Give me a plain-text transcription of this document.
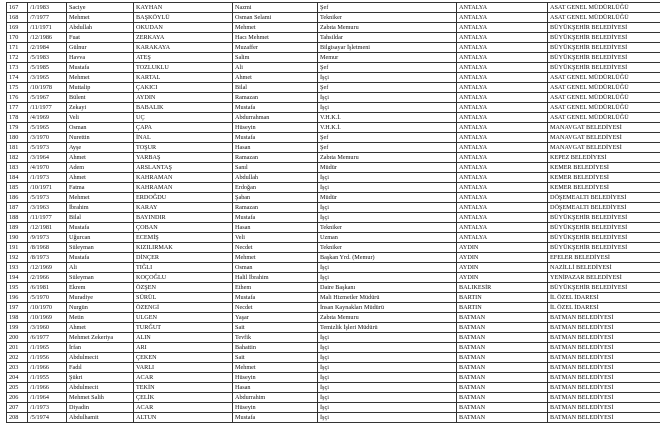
167	/1/1983	Saciye	KAYHAN	Nazmi	Şef	ANTALYA	ASAT GENEL MÜDÜRLÜĞÜ
168	/7/1977	Mehmet	BAŞKÖYLÜ	Osman Selami	Tekniker	ANTALYA	ASAT GENEL MÜDÜRLÜĞÜ
169	/11/1971	Abdullah	OKUDAN	Mehmet	Zabıta Memuru	ANTALYA	BÜYÜKŞEHİR BELEDİYESİ
170	/12/1986	Fuat	ZERKAYA	Hacı Mehmet	Tahsildar	ANTALYA	BÜYÜKŞEHİR BELEDİYESİ
171	/2/1984	Gülnur	KARAKAYA	Muzaffer	Bilgisayar İşletmeni	ANTALYA	BÜYÜKŞEHİR BELEDİYESİ
172	/5/1983	Havva	ATEŞ	Salim	Memur	ANTALYA	BÜYÜKŞEHİR BELEDİYESİ
173	/5/1985	Mustafa	TOZLUKLU	Ali	Şef	ANTALYA	BÜYÜKŞEHİR BELEDİYESİ
174	/3/1965	Mehmet	KARTAL	Ahmet	İşçi	ANTALYA	ASAT GENEL MÜDÜRLÜĞÜ
175	/10/1978	Muttalip	ÇAKICI	Bilal	Şef	ANTALYA	ASAT GENEL MÜDÜRLÜĞÜ
176	/5/1967	Bülent	AYDIN	Ramazan	İşçi	ANTALYA	ASAT GENEL MÜDÜRLÜĞÜ
177	/11/1977	Zekayi	BABALIK	Mustafa	İşçi	ANTALYA	ASAT GENEL MÜDÜRLÜĞÜ
178	/4/1969	Veli	UÇ	Abdurrahman	V.H.K.İ.	ANTALYA	ASAT GENEL MÜDÜRLÜĞÜ
179	/5/1965	Osman	ÇAPA	Hüseyin	V.H.K.İ.	ANTALYA	MANAVGAT BELEDİYESİ
180	/3/1970	Nurettin	İNAL	Mustafa	Şef	ANTALYA	MANAVGAT BELEDİYESİ
181	/5/1973	Ayşe	TOŞUR	Hasan	Şef	ANTALYA	MANAVGAT BELEDİYESİ
182	/3/1964	Ahmet	YARBAŞ	Ramazan	Zabıta Memuru	ANTALYA	KEPEZ BELEDİYESİ
183	/4/1970	Adem	ARSLANTAŞ	Sanıl	Müdür	ANTALYA	KEMER BELEDİYESİ
184	/1/1973	Ahmet	KAHRAMAN	Abdullah	İşçi	ANTALYA	KEMER BELEDİYESİ
185	/10/1971	Fatma	KAHRAMAN	Erdoğan	İşçi	ANTALYA	KEMER BELEDİYESİ
186	/5/1973	Mehmet	ERDOĞDU	Şaban	Müdür	ANTALYA	DÖŞEMEALTI BELEDİYESİ
187	/3/1963	İbrahim	KARAY	Ramazan	İşçi	ANTALYA	DÖŞEMEALTI BELEDİYESİ
188	/11/1977	Bilal	BAYINDIR	Mustafa	İşçi	ANTALYA	BÜYÜKŞEHİR BELEDİYESİ
189	/12/1981	Mustafa	ÇOBAN	Hasan	Tekniker	ANTALYA	BÜYÜKŞEHİR BELEDİYESİ
190	/9/1973	Uğurcan	ECEMİŞ	Veli	Uzman	ANTALYA	BÜYÜKŞEHİR BELEDİYESİ
191	/8/1968	Süleyman	KIZILIRMAK	Necdet	Tekniker	AYDIN	BÜYÜKŞEHİR BELEDİYESİ
192	/8/1973	Mustafa	DİNÇER	Mehmet	Başkan Yrd. (Memur)	AYDIN	EFELER BELEDİYESİ
193	/12/1969	Ali	TIĞLI	Osman	İşçi	AYDIN	NAZİLLİ BELEDİYESİ
194	/2/1966	Süleyman	KOÇOĞLU	Halil İbrahim	İşçi	AYDIN	YENİPAZAR BELEDİYESİ
195	/6/1981	Ekrem	ÖZŞEN	Ethem	Daire Başkanı	BALIKESİR	BÜYÜKŞEHİR BELEDİYESİ
196	/5/1970	Muradiye	SÜRÜL	Mustafa	Mali Hizmetler Müdürü	BARTIN	İL ÖZEL İDARESİ
197	/10/1970	Nurgün	ÖZENGİ	Necdet	İnsan Kaynakları Müdürü	BARTIN	İL ÖZEL İDARESİ
198	/10/1969	Metin	ULGEN	Yaşar	Zabıta Memuru	BATMAN	BATMAN BELEDİYESİ
199	/3/1960	Ahmet	TURĞUT	Sait	Temizlik İşleri Müdürü	BATMAN	BATMAN BELEDİYESİ
200	/6/1977	Mehmet Zekeriya	ALIN	Tevfik	İşçi	BATMAN	BATMAN BELEDİYESİ
201	/1/1965	İrfan	ARI	Bahattin	İşçi	BATMAN	BATMAN BELEDİYESİ
202	/1/1956	Abdulmecit	ÇEKEN	Sait	İşçi	BATMAN	BATMAN BELEDİYESİ
203	/1/1966	Fadıl	VARLI	Mehmet	İşçi	BATMAN	BATMAN BELEDİYESİ
204	/1/1955	Şükri	ACAR	Hüseyin	İşçi	BATMAN	BATMAN BELEDİYESİ
205	/1/1966	Abdulmecit	TEKİN	Hasan	İşçi	BATMAN	BATMAN BELEDİYESİ
206	/1/1964	Mehmet Salih	ÇELİK	Abdurrahim	İşçi	BATMAN	BATMAN BELEDİYESİ
207	/1/1973	Diyadin	ACAR	Hüseyin	İşçi	BATMAN	BATMAN BELEDİYESİ
208	/5/1974	Abdulhamit	ALTUN	Mustafa	İşçi	BATMAN	BATMAN BELEDİYESİ
